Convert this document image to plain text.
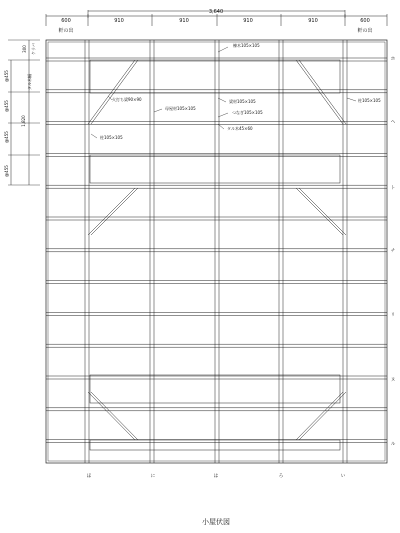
3,640
600	910	910	910	910	600
軒の出	軒の出
300 ケラバ
@455	タル木幅
@455
1,820
@455
@455
棟木105×105
火打ち梁90×90
母屋材105×105
梁材105×105
つなぎ105×105
タル木45×60
柱105×105
柱105×105
ほ	に	は	ろ	い
ホ
ヘ
ト
チ
リ
ヌ
ル
小屋伏図
